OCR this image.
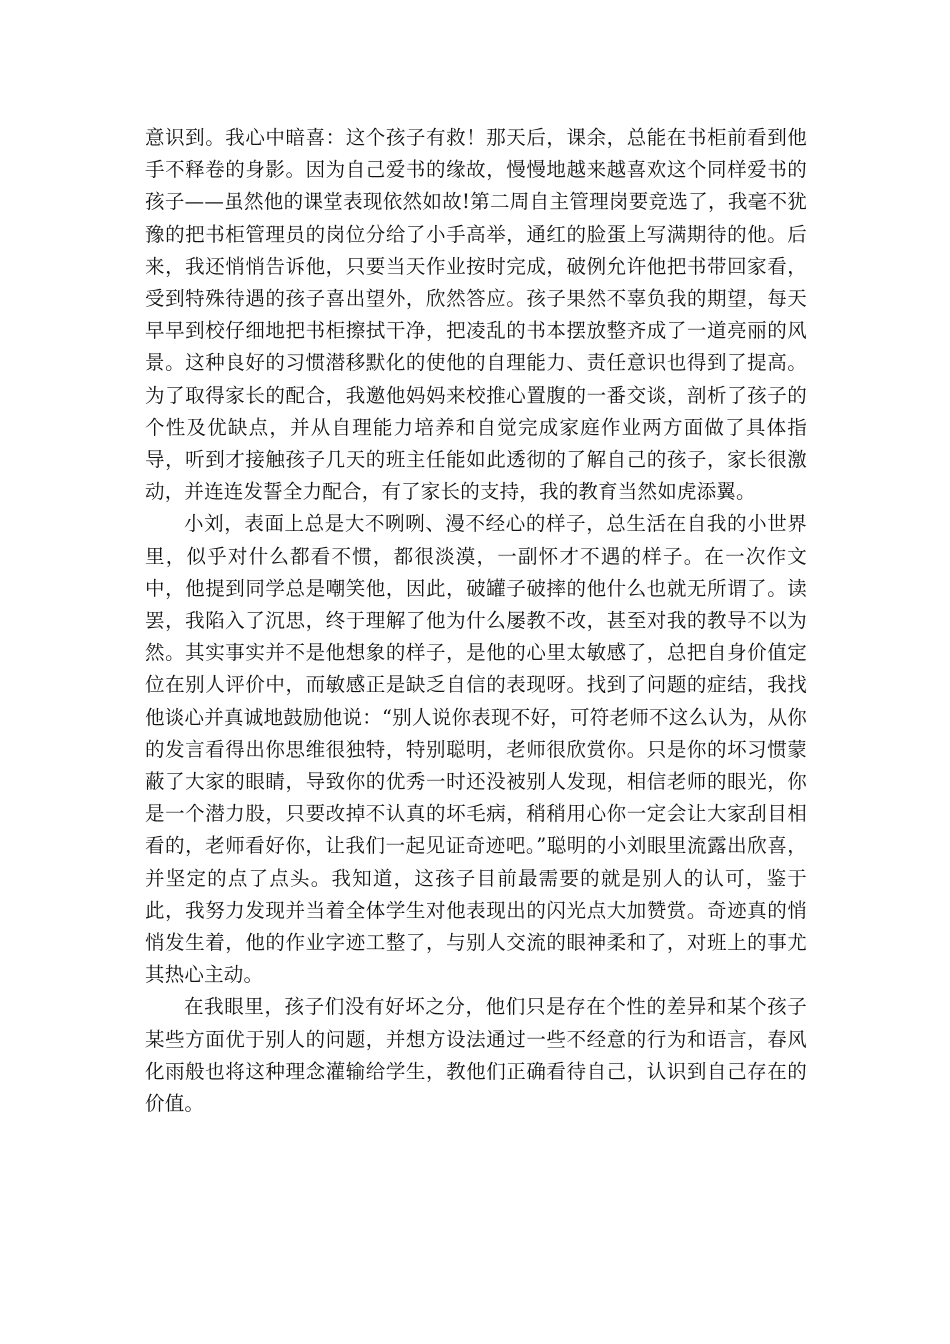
意识到。我心中暗喜：这个孩子有救！那天后，课余，总能在书柜前看到他手不释卷的身影。因为自己爱书的缘故，慢慢地越来越喜欢这个同样爱书的孩子——虽然他的课堂表现依然如故!第二周自主管理岗要竞选了，我毫不犹豫的把书柜管理员的岗位分给了小手高举，通红的脸蛋上写满期待的他。后来，我还悄悄告诉他，只要当天作业按时完成，破例允许他把书带回家看，受到特殊待遇的孩子喜出望外，欣然答应。孩子果然不辜负我的期望，每天早早到校仔细地把书柜擦拭干净，把凌乱的书本摆放整齐成了一道亮丽的风景。这种良好的习惯潜移默化的使他的自理能力、责任意识也得到了提高。为了取得家长的配合，我邀他妈妈来校推心置腹的一番交谈，剖析了孩子的个性及优缺点，并从自理能力培养和自觉完成家庭作业两方面做了具体指导，听到才接触孩子几天的班主任能如此透彻的了解自己的孩子，家长很激动，并连连发誓全力配合，有了家长的支持，我的教育当然如虎添翼。

小刘，表面上总是大不咧咧、漫不经心的样子，总生活在自我的小世界里，似乎对什么都看不惯，都很淡漠，一副怀才不遇的样子。在一次作文中，他提到同学总是嘲笑他，因此，破罐子破摔的他什么也就无所谓了。读罢，我陷入了沉思，终于理解了他为什么屡教不改，甚至对我的教导不以为然。其实事实并不是他想象的样子，是他的心里太敏感了，总把自身价值定位在别人评价中，而敏感正是缺乏自信的表现呀。找到了问题的症结，我找他谈心并真诚地鼓励他说：“别人说你表现不好，可符老师不这么认为，从你的发言看得出你思维很独特，特别聪明，老师很欣赏你。只是你的坏习惯蒙蔽了大家的眼睛，导致你的优秀一时还没被别人发现，相信老师的眼光，你是一个潜力股，只要改掉不认真的坏毛病，稍稍用心你一定会让大家刮目相看的，老师看好你，让我们一起见证奇迹吧。”聪明的小刘眼里流露出欣喜，并坚定的点了点头。我知道，这孩子目前最需要的就是别人的认可，鉴于此，我努力发现并当着全体学生对他表现出的闪光点大加赞赏。奇迹真的悄悄发生着，他的作业字迹工整了，与别人交流的眼神柔和了，对班上的事尤其热心主动。

在我眼里，孩子们没有好坏之分，他们只是存在个性的差异和某个孩子某些方面优于别人的问题，并想方设法通过一些不经意的行为和语言，春风化雨般也将这种理念灌输给学生，教他们正确看待自己，认识到自己存在的价值。
